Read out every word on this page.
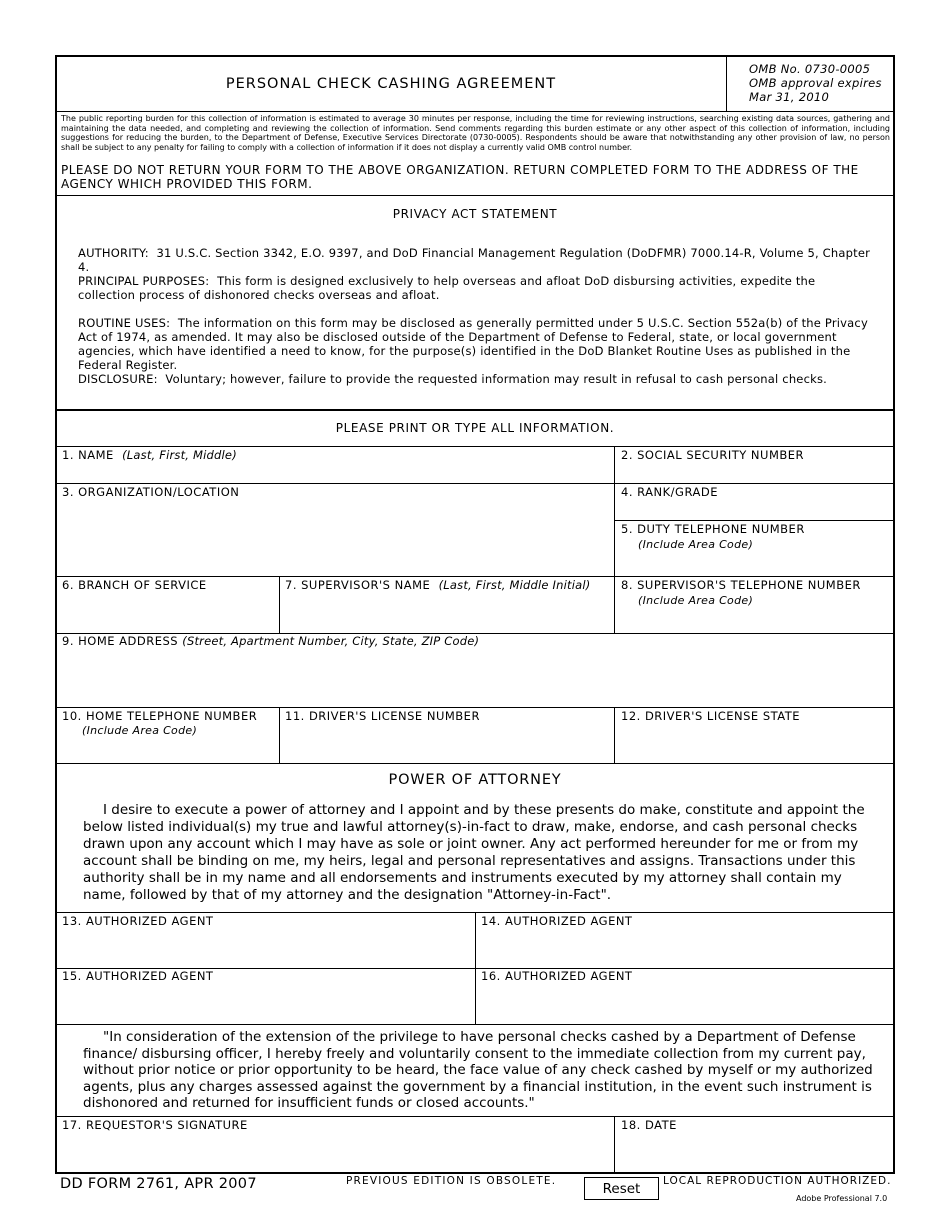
PERSONAL CHECK CASHING AGREEMENT
OMB No. 0730-0005
OMB approval expires
Mar 31, 2010
The public reporting burden for this collection of information is estimated to average 30 minutes per response, including the time for reviewing instructions, searching existing data sources, gathering and maintaining the data needed, and completing and reviewing the collection of information. Send comments regarding this burden estimate or any other aspect of this collection of information, including suggestions for reducing the burden, to the Department of Defense, Executive Services Directorate (0730-0005). Respondents should be aware that notwithstanding any other provision of law, no person shall be subject to any penalty for failing to comply with a collection of information if it does not display a currently valid OMB control number.
PLEASE DO NOT RETURN YOUR FORM TO THE ABOVE ORGANIZATION. RETURN COMPLETED FORM TO THE ADDRESS OF THE AGENCY WHICH PROVIDED THIS FORM.
PRIVACY ACT STATEMENT
AUTHORITY: 31 U.S.C. Section 3342, E.O. 9397, and DoD Financial Management Regulation (DoDFMR) 7000.14-R, Volume 5, Chapter 4.
PRINCIPAL PURPOSES: This form is designed exclusively to help overseas and afloat DoD disbursing activities, expedite the collection process of dishonored checks overseas and afloat.
ROUTINE USES: The information on this form may be disclosed as generally permitted under 5 U.S.C. Section 552a(b) of the Privacy Act of 1974, as amended. It may also be disclosed outside of the Department of Defense to Federal, state, or local government agencies, which have identified a need to know, for the purpose(s) identified in the DoD Blanket Routine Uses as published in the Federal Register.
DISCLOSURE: Voluntary; however, failure to provide the requested information may result in refusal to cash personal checks.
PLEASE PRINT OR TYPE ALL INFORMATION.
1. NAME (Last, First, Middle)	2. SOCIAL SECURITY NUMBER
3. ORGANIZATION/LOCATION	4. RANK/GRADE
5. DUTY TELEPHONE NUMBER
(Include Area Code)
6. BRANCH OF SERVICE	7. SUPERVISOR'S NAME (Last, First, Middle Initial)	8. SUPERVISOR'S TELEPHONE NUMBER
(Include Area Code)
9. HOME ADDRESS (Street, Apartment Number, City, State, ZIP Code)
10. HOME TELEPHONE NUMBER
(Include Area Code)
11. DRIVER'S LICENSE NUMBER	12. DRIVER'S LICENSE STATE
POWER OF ATTORNEY
I desire to execute a power of attorney and I appoint and by these presents do make, constitute and appoint the below listed individual(s) my true and lawful attorney(s)-in-fact to draw, make, endorse, and cash personal checks drawn upon any account which I may have as sole or joint owner. Any act performed hereunder for me or from my account shall be binding on me, my heirs, legal and personal representatives and assigns. Transactions under this authority shall be in my name and all endorsements and instruments executed by my attorney shall contain my name, followed by that of my attorney and the designation "Attorney-in-Fact".
13. AUTHORIZED AGENT	14. AUTHORIZED AGENT
15. AUTHORIZED AGENT	16. AUTHORIZED AGENT
"In consideration of the extension of the privilege to have personal checks cashed by a Department of Defense finance/ disbursing officer, I hereby freely and voluntarily consent to the immediate collection from my current pay, without prior notice or prior opportunity to be heard, the face value of any check cashed by myself or my authorized agents, plus any charges assessed against the government by a financial institution, in the event such instrument is dishonored and returned for insufficient funds or closed accounts."
17. REQUESTOR'S SIGNATURE	18. DATE
DD FORM 2761, APR 2007	PREVIOUS EDITION IS OBSOLETE.	Reset	LOCAL REPRODUCTION AUTHORIZED.
Adobe Professional 7.0
